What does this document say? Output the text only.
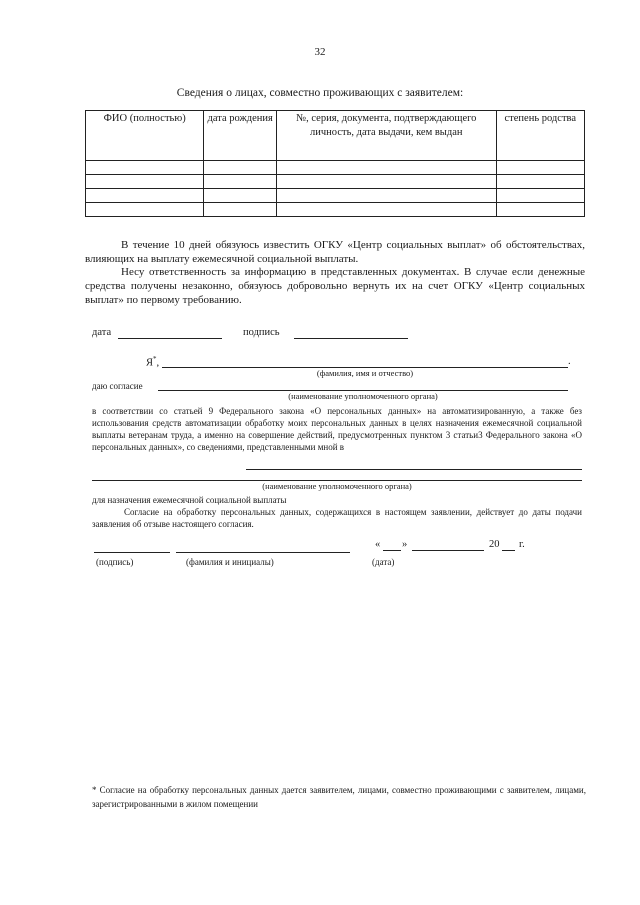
32
Сведения о лицах, совместно проживающих с заявителем:
ФИО (полностью)	дата рождения	№, серия, документа, подтверждающего личность, дата выдачи, кем выдан	степень родства

В течение 10 дней обязуюсь известить ОГКУ «Центр социальных выплат» об обстоятельствах, влияющих на выплату ежемесячной социальной выплаты.
Несу ответственность за информацию в представленных документах. В случае если денежные средства получены незаконно, обязуюсь добровольно вернуть их на счет ОГКУ «Центр социальных выплат» по первому требованию.
дата	подпись
Я*,	.
(фамилия, имя и отчество)
даю согласие
(наименование уполномоченного органа)
в соответствии со статьей 9 Федерального закона «О персональных данных» на автоматизированную, а также без использования средств автоматизации обработку моих персональных данных в целях назначения ежемесячной социальной выплаты ветеранам труда, а именно на совершение действий, предусмотренных пунктом 3 статьи3 Федерального закона «О персональных данных», со сведениями, представленными мной в
(наименование уполномоченного органа)
для назначения ежемесячной социальной выплаты
Согласие на обработку персональных данных, содержащихся в настоящем заявлении, действует до даты подачи заявления об отзыве настоящего согласия.
« »	20 г.
(подпись)	(фамилия и инициалы)	(дата)
* Согласие на обработку персональных данных дается заявителем, лицами, совместно проживающими с заявителем, лицами, зарегистрированными в жилом помещении
